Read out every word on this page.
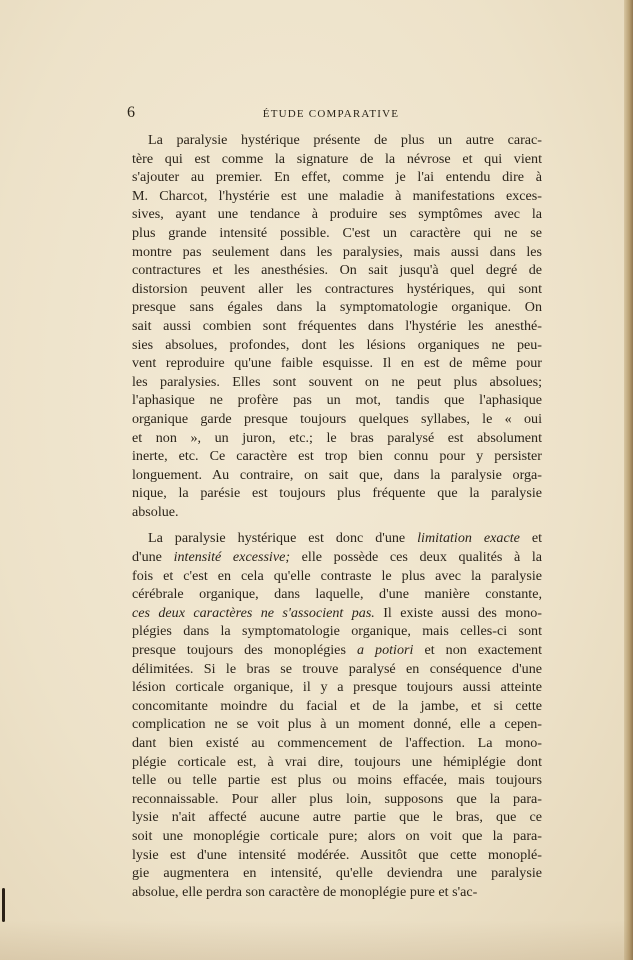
6	ÉTUDE COMPARATIVE
La paralysie hystérique présente de plus un autre carac-
tère qui est comme la signature de la névrose et qui vient
s'ajouter au premier. En effet, comme je l'ai entendu dire à
M. Charcot, l'hystérie est une maladie à manifestations exces-
sives, ayant une tendance à produire ses symptômes avec la
plus grande intensité possible. C'est un caractère qui ne se
montre pas seulement dans les paralysies, mais aussi dans les
contractures et les anesthésies. On sait jusqu'à quel degré de
distorsion peuvent aller les contractures hystériques, qui sont
presque sans égales dans la symptomatologie organique. On
sait aussi combien sont fréquentes dans l'hystérie les anesthé-
sies absolues, profondes, dont les lésions organiques ne peu-
vent reproduire qu'une faible esquisse. Il en est de même pour
les paralysies. Elles sont souvent on ne peut plus absolues;
l'aphasique ne profère pas un mot, tandis que l'aphasique
organique garde presque toujours quelques syllabes, le « oui
et non », un juron, etc.; le bras paralysé est absolument
inerte, etc. Ce caractère est trop bien connu pour y persister
longuement. Au contraire, on sait que, dans la paralysie orga-
nique, la parésie est toujours plus fréquente que la paralysie
absolue.
La paralysie hystérique est donc d'une limitation exacte et
d'une intensité excessive; elle possède ces deux qualités à la
fois et c'est en cela qu'elle contraste le plus avec la paralysie
cérébrale organique, dans laquelle, d'une manière constante,
ces deux caractères ne s'associent pas. Il existe aussi des mono-
plégies dans la symptomatologie organique, mais celles-ci sont
presque toujours des monoplégies a potiori et non exactement
délimitées. Si le bras se trouve paralysé en conséquence d'une
lésion corticale organique, il y a presque toujours aussi atteinte
concomitante moindre du facial et de la jambe, et si cette
complication ne se voit plus à un moment donné, elle a cepen-
dant bien existé au commencement de l'affection. La mono-
plégie corticale est, à vrai dire, toujours une hémiplégie dont
telle ou telle partie est plus ou moins effacée, mais toujours
reconnaissable. Pour aller plus loin, supposons que la para-
lysie n'ait affecté aucune autre partie que le bras, que ce
soit une monoplégie corticale pure; alors on voit que la para-
lysie est d'une intensité modérée. Aussitôt que cette monoplé-
gie augmentera en intensité, qu'elle deviendra une paralysie
absolue, elle perdra son caractère de monoplégie pure et s'ac-
